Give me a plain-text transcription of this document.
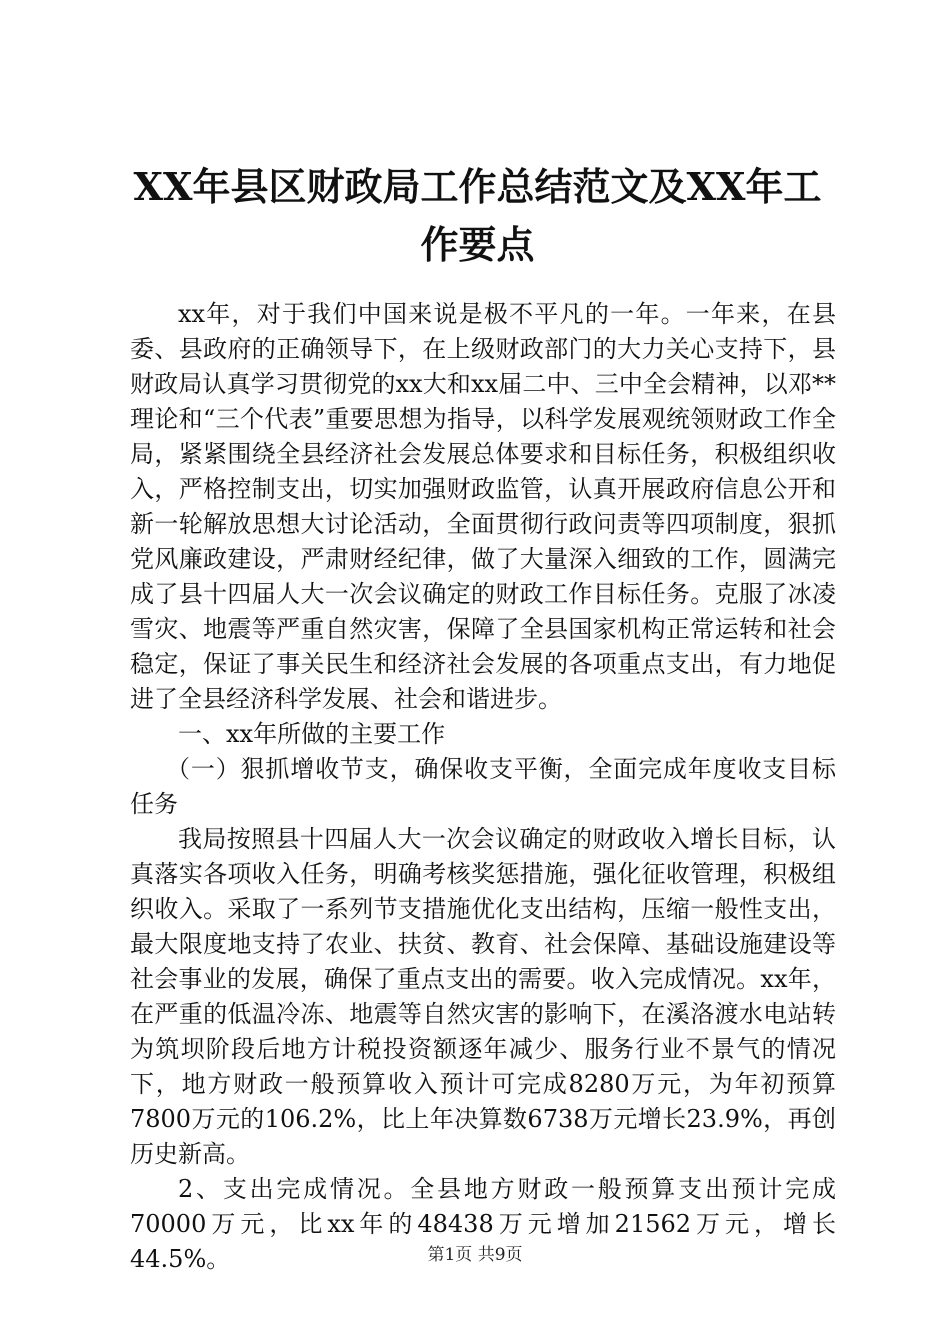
XX年县区财政局工作总结范文及XX年工作要点

xx年，对于我们中国来说是极不平凡的一年。一年来，在县委、县政府的正确领导下，在上级财政部门的大力关心支持下，县财政局认真学习贯彻党的xx大和xx届二中、三中全会精神，以邓**理论和“三个代表”重要思想为指导，以科学发展观统领财政工作全局，紧紧围绕全县经济社会发展总体要求和目标任务，积极组织收入，严格控制支出，切实加强财政监管，认真开展政府信息公开和新一轮解放思想大讨论活动，全面贯彻行政问责等四项制度，狠抓党风廉政建设，严肃财经纪律，做了大量深入细致的工作，圆满完成了县十四届人大一次会议确定的财政工作目标任务。克服了冰凌雪灾、地震等严重自然灾害，保障了全县国家机构正常运转和社会稳定，保证了事关民生和经济社会发展的各项重点支出，有力地促进了全县经济科学发展、社会和谐进步。

一、xx年所做的主要工作

（一）狠抓增收节支，确保收支平衡，全面完成年度收支目标任务

我局按照县十四届人大一次会议确定的财政收入增长目标，认真落实各项收入任务，明确考核奖惩措施，强化征收管理，积极组织收入。采取了一系列节支措施优化支出结构，压缩一般性支出，最大限度地支持了农业、扶贫、教育、社会保障、基础设施建设等社会事业的发展，确保了重点支出的需要。收入完成情况。xx年，在严重的低温冷冻、地震等自然灾害的影响下，在溪洛渡水电站转为筑坝阶段后地方计税投资额逐年减少、服务行业不景气的情况下，地方财政一般预算收入预计可完成8280万元，为年初预算7800万元的106.2%，比上年决算数6738万元增长23.9%，再创历史新高。

2、支出完成情况。全县地方财政一般预算支出预计完成70000万元，比xx年的48438万元增加21562万元，增长44.5%。	第1页 共9页
